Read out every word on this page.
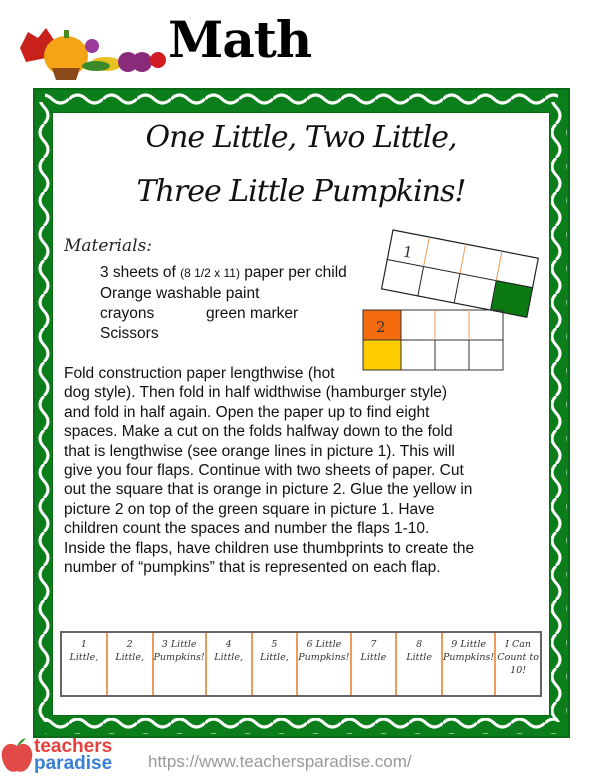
Math
One Little, Two Little,
Three Little Pumpkins!
Materials:
3 sheets of (8 1/2 x 11) paper per child
Orange washable paint
crayons	green marker
Scissors
1
2
Fold construction paper lengthwise (hot
dog style). Then fold in half widthwise (hamburger style)
and fold in half again. Open the paper up to find eight
spaces. Make a cut on the folds halfway down to the fold
that is lengthwise (see orange lines in picture 1). This will
give you four flaps. Continue with two sheets of paper. Cut
out the square that is orange in picture 2. Glue the yellow in
picture 2 on top of the green square in picture 1. Have
children count the spaces and number the flaps 1-10.
Inside the flaps, have children use thumbprints to create the
number of “pumpkins” that is represented on each flap.
1
Little,
2
Little,
3 Little
Pumpkins!
4
Little,
5
Little,
6 Little
Pumpkins!
7
Little
8
Little
9 Little
Pumpkins!
I Can
Count to
10!
teachers
paradise https://www.teachersparadise.com/
